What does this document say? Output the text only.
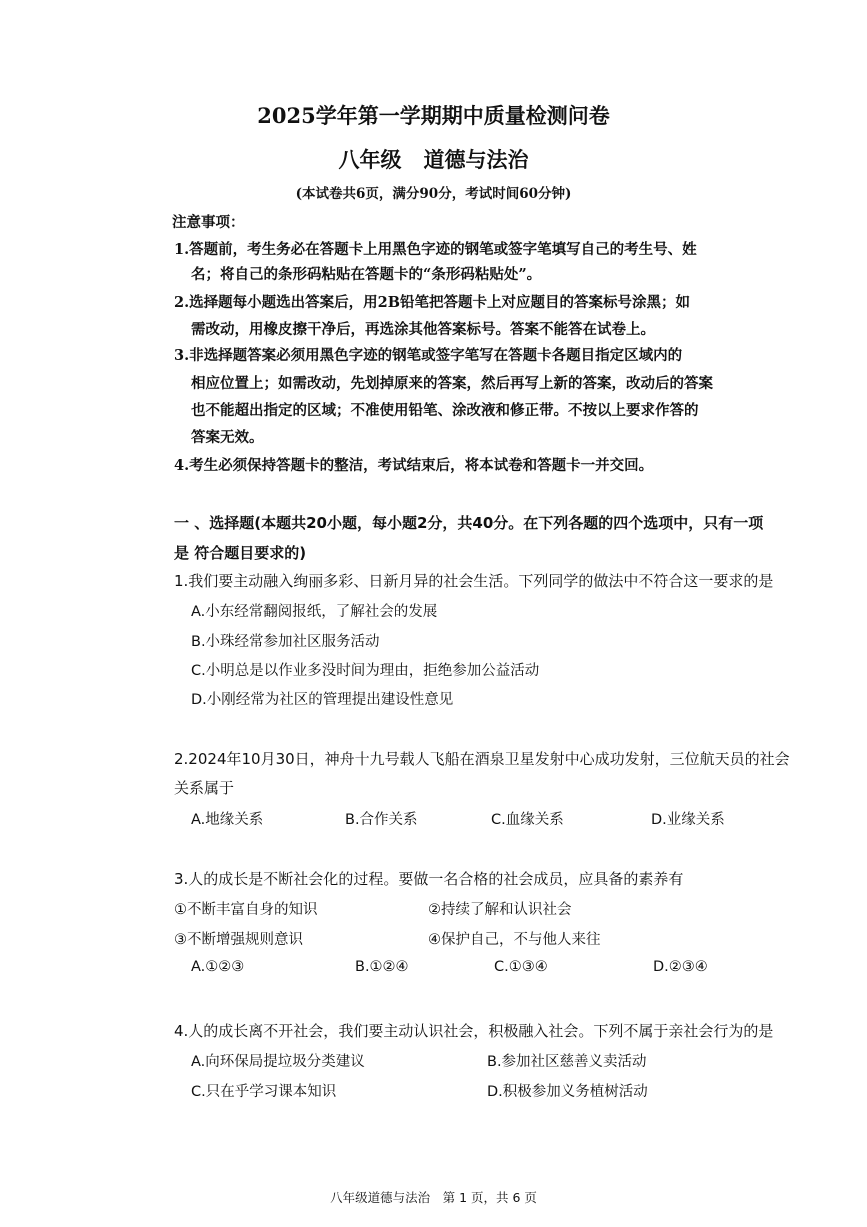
2025学年第一学期期中质量检测问卷
八年级 道德与法治
(本试卷共6页，满分90分，考试时间60分钟)
注意事项：
1.答题前，考生务必在答题卡上用黑色字迹的钢笔或签字笔填写自己的考生号、姓
名；将自己的条形码粘贴在答题卡的“条形码粘贴处”。
2.选择题每小题选出答案后，用2B铅笔把答题卡上对应题目的答案标号涂黑；如
需改动，用橡皮擦干净后，再选涂其他答案标号。答案不能答在试卷上。
3.非选择题答案必须用黑色字迹的钢笔或签字笔写在答题卡各题目指定区域内的
相应位置上；如需改动，先划掉原来的答案，然后再写上新的答案，改动后的答案
也不能超出指定的区域；不准使用铅笔、涂改液和修正带。不按以上要求作答的
答案无效。
4.考生必须保持答题卡的整洁，考试结束后，将本试卷和答题卡一并交回。
一 、选择题(本题共20小题，每小题2分，共40分。在下列各题的四个选项中，只有一项
是 符合题目要求的)
1.我们要主动融入绚丽多彩、日新月异的社会生活。下列同学的做法中不符合这一要求的是
A.小东经常翻阅报纸，了解社会的发展
B.小珠经常参加社区服务活动
C.小明总是以作业多没时间为理由，拒绝参加公益活动
D.小刚经常为社区的管理提出建设性意见
2.2024年10月30日，神舟十九号载人飞船在酒泉卫星发射中心成功发射，三位航天员的社会
关系属于
A.地缘关系	B.合作关系	C.血缘关系	D.业缘关系
3.人的成长是不断社会化的过程。要做一名合格的社会成员，应具备的素养有
①不断丰富自身的知识	②持续了解和认识社会
③不断增强规则意识	④保护自己，不与他人来往
A.①②③	B.①②④	C.①③④	D.②③④
4.人的成长离不开社会，我们要主动认识社会，积极融入社会。下列不属于亲社会行为的是
A.向环保局提垃圾分类建议	B.参加社区慈善义卖活动
C.只在乎学习课本知识	D.积极参加义务植树活动
八年级道德与法治　第 1 页，共 6 页
